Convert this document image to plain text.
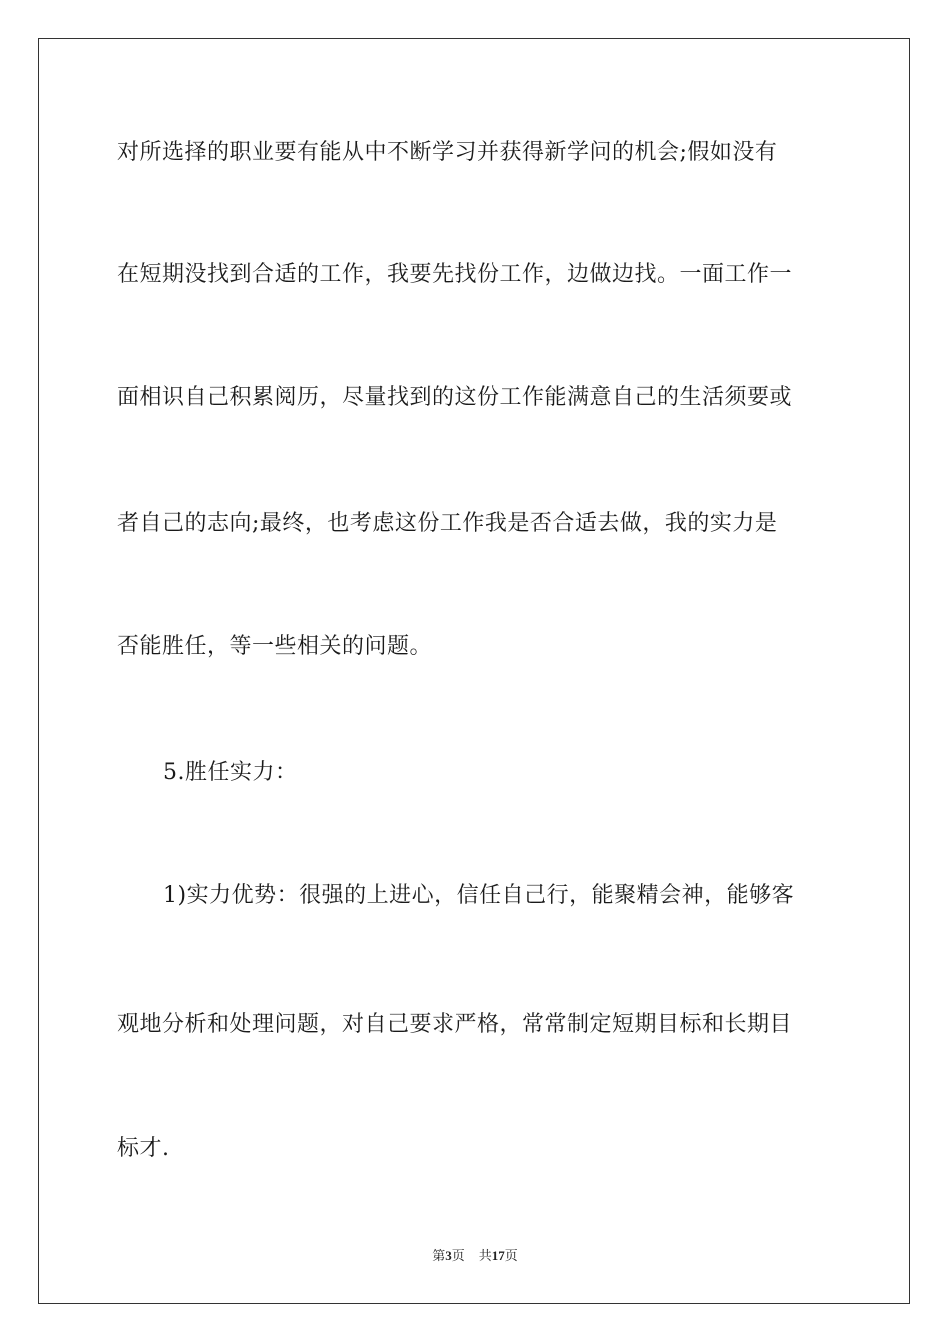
对所选择的职业要有能从中不断学习并获得新学问的机会;假如没有
在短期没找到合适的工作，我要先找份工作，边做边找。一面工作一
面相识自己积累阅历，尽量找到的这份工作能满意自己的生活须要或
者自己的志向;最终，也考虑这份工作我是否合适去做，我的实力是
否能胜任，等一些相关的问题。
5.胜任实力：
1)实力优势：很强的上进心，信任自己行，能聚精会神，能够客
观地分析和处理问题，对自己要求严格，常常制定短期目标和长期目
标才.
第3页 共17页
